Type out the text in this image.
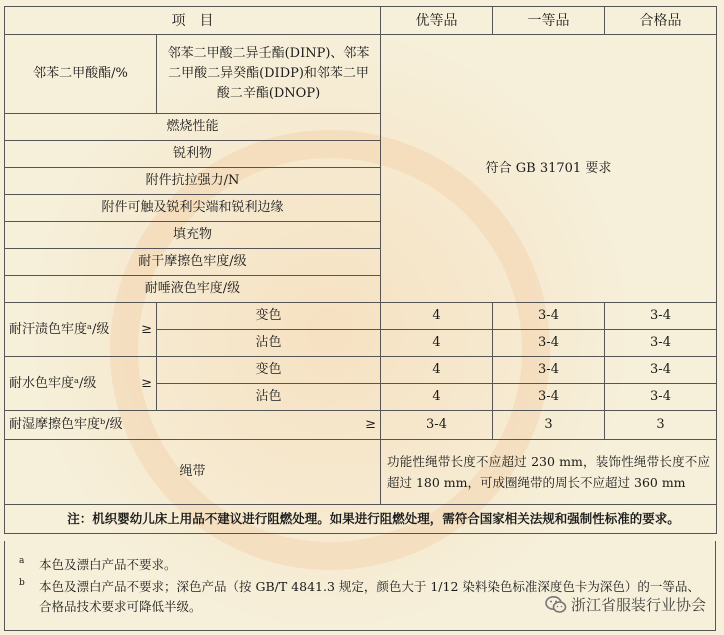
项　目		优等品	一等品	合格品
邻苯二甲酸酯/%	邻苯二甲酸二异壬酯(DINP)、邻苯二甲酸二异癸酯(DIDP)和邻苯二甲酸二辛酯(DNOP)	符合 GB 31701 要求		
燃烧性能				
锐利物				
附件抗拉强力/N				
附件可触及锐利尖端和锐利边缘				
填充物				
耐干摩擦色牢度/级				
耐唾液色牢度/级				

耐汗渍色牢度ᵃ/级 ≥	变色	4	3-4	3-4
	沾色	4	3-4	3-4

耐水色牢度ᵃ/级 ≥	变色	4	3-4	3-4
	沾色	4	3-4	3-4

耐湿摩擦色牢度ᵇ/级 ≥		3-4	3	3
绳带		功能性绳带长度不应超过 230 mm，装饰性绳带长度不应超过 180 mm，可成圈绳带的周长不应超过 360 mm		
注：机织婴幼儿床上用品不建议进行阻燃处理。如果进行阻燃处理，需符合国家相关法规和强制性标准的要求。				
a 本色及漂白产品不要求。
b 本色及漂白产品不要求；深色产品（按 GB/T 4841.3 规定，颜色大于 1/12 染料染色标准深度色卡为深色）的一等品、合格品技术要求可降低半级。	浙江省服装行业协会
